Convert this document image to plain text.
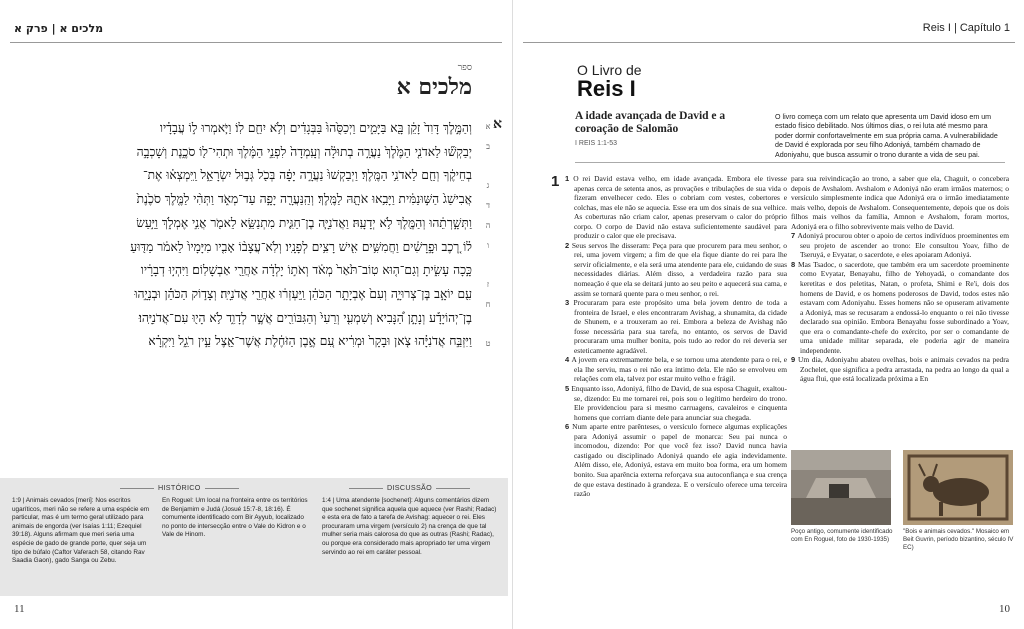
מלכים א | פרק א
ספר
מלכים א
א
וְהַמֶּ֣לֶךְ דָּוִד֙ זָקֵ֔ן בָּ֖א בַּיָּמִ֑ים וַיְכַסֻּ֙הוּ֙ בַּבְּגָדִ֔ים וְלֹ֥א יִחַ֖ם לֽוֹ׃ וַיֹּ֧אמְרוּ ל֣וֹ עֲבָדָ֗יו
יְבַקְשׁ֞וּ לַאדֹנִ֤י הַמֶּ֙לֶךְ֙ נַעֲרָ֣ה בְתוּלָ֔ה וְעָֽמְדָה֙ לִפְנֵ֣י הַמֶּ֔לֶךְ וּתְהִי־ל֖וֹ סֹכֶ֑נֶת וְשָׁכְבָ֣ה
בְחֵיקֶ֔ךָ וְחַ֖ם לַאדֹנִ֥י הַמֶּֽלֶךְ׃ וַיְבַקְשׁוּ֙ נַעֲרָ֣ה יָפָ֔ה בְּכֹ֖ל גְּב֣וּל יִשְׂרָאֵ֑ל וַֽיִּמְצְא֗וּ אֶת־
אֲבִישַׁג֙ הַשּׁ֣וּנַמִּ֔ית וַיָּבִ֥אוּ אֹתָ֖הּ לַמֶּֽלֶךְ׃ וְהַֽנַּעֲרָ֖ה יָפָ֣ה עַד־מְאֹ֑ד וַתְּהִ֨י לַמֶּ֤לֶךְ סֹכֶ֙נֶת֙
וַתְּשָׁ֣רְתֵ֔הוּ וְהַמֶּ֖לֶךְ לֹ֥א יְדָעָֽהּ׃ וַאֲדֹנִיָּ֧ה בֶן־חַגִּ֛ית מִתְנַשֵּׂ֥א לֵאמֹ֖ר אֲנִ֣י אֶמְלֹ֑ךְ וַיַּ֣עַשׂ
ל֗וֹ רֶ֚כֶב וּפָ֣רָשִׁ֔ים וַחֲמִשִּׁ֥ים אִ֖ישׁ רָצִ֥ים לְפָנָֽיו׃ וְלֹֽא־עֲצָב֨וֹ אָבִ֤יו מִיָּמָיו֙ לֵאמֹ֔ר מַדּ֖וּעַ
כָּ֣כָה עָשִׂ֑יתָ וְגַם־ה֤וּא טֽוֹב־תֹּ֙אַר֙ מְאֹ֔ד וְאֹת֣וֹ יָלְדָ֔ה אַחֲרֵ֖י אַבְשָׁלֽוֹם׃ וַיִּהְי֣וּ דְבָרָ֔יו
עִ֖ם יוֹאָ֣ב בֶּן־צְרוּיָ֑ה וְעִם֙ אֶבְיָתָ֣ר הַכֹּהֵ֔ן וַֽיַּעְזְר֔וּ אַחֲרֵ֖י אֲדֹנִיָּֽה׃ וְצָד֣וֹק הַכֹּהֵ֡ן וּבְנָיָ֣הוּ
בֶן־יְהוֹיָדָ֡ע וְנָתָ֣ן הַ֠נָּבִיא וְשִׁמְעִ֤י וְרֵעִי֙ וְהַגִּבּוֹרִ֖ים אֲשֶׁ֣ר לְדָוִ֑ד לֹ֥א הָי֖וּ עִם־אֲדֹנִיָּֽהוּ׃
וַיִּזְבַּ֣ח אֲדֹנִיָּ֗הוּ צֹ֤אן וּבָקָר֙ וּמְרִ֔יא עִ֚ם אֶ֣בֶן הַזֹּחֶ֔לֶת אֲשֶׁר־אֵ֖צֶל עֵ֣ין רֹגֵ֑ל וַיִּקְרָ֗א
א
ב
ג
ד
ה
ו
ז
ח
ט
HISTÓRICO	DISCUSSÃO
1:9 | Animais cevados [meri]: Nos escritos ugaríticos, meri não se refere a uma espécie em particular, mas é um termo geral utilizado para animais de engorda (ver Isaías 1:11; Ezequiel 39:18). Alguns afirmam que meri seria uma espécie de gado de grande porte, quer seja um tipo de búfalo (Caftor Vaferach 58, citando Rav Saadia Gaon), gado Sanga ou Zebu.
En Roguel: Um local na fronteira entre os territórios de Benjamim e Judá (Josué 15:7-8, 18:16). É comumente identificado com Bir Ayyub, localizado no ponto de intersecção entre o Vale do Kidron e o Vale de Hinom.
1:4 | Uma atendente [sochenet]: Alguns comentários dizem que sochenet significa aquela que aquece (ver Rashi; Radac) e esta era de fato a tarefa de Avishag: aquecer o rei. Eles procuraram uma virgem (versículo 2) na crença de que tal mulher seria mais calorosa do que as outras (Rashi; Radac), ou porque era considerado mais apropriado ter uma virgem servindo ao rei em caráter pessoal.
11
Reis I | Capítulo 1
O Livro de
Reis I
A idade avançada de David e a coroação de Salomão
I REIS 1:1-53
O livro começa com um relato que apresenta um David idoso em um estado físico debilitado. Nos últimos dias, o rei luta até mesmo para poder dormir confortavelmente em sua própria cama. A vulnerabilidade de David é explorada por seu filho Adoniyá, também chamado de Adoniyahu, que busca assumir o trono durante a vida de seu pai.
1 1 O rei David estava velho, em idade avançada. Embora ele tivesse apenas cerca de setenta anos, as provações e tribulações de sua vida o fizeram envelhecer cedo. Eles o cobriam com vestes, cobertores e colchas, mas ele não se aquecia. Esse era um dos sinais de sua velhice. As coberturas não criam calor, apenas preservam o calor do próprio corpo. O corpo de David não estava suficientemente saudável para produzir o calor que ele precisava.

2 Seus servos lhe disseram: Peça para que procurem para meu senhor, o rei, uma jovem virgem; a fim de que ela fique diante do rei para lhe servir oficialmente, e ela será uma atendente para ele, cuidando de suas necessidades diárias. Além disso, a verdadeira razão para sua nomeação é que ela se deitará junto ao seu peito e aquecerá sua cama, e assim se tornará quente para o meu senhor, o rei.

3 Procuraram para este propósito uma bela jovem dentro de toda a fronteira de Israel, e eles encontraram Avishag, a shunamita, da cidade de Shunem, e a trouxeram ao rei. Embora a beleza de Avishag não fosse necessária para sua tarefa, no entanto, os servos de David procuraram uma mulher bonita, pois tudo ao redor do rei deveria ser esteticamente agradável.

4 A jovem era extremamente bela, e se tornou uma atendente para o rei, e ela lhe serviu, mas o rei não era íntimo dela. Ele não se envolveu em relações com ela, talvez por estar muito velho e frágil.

5 Enquanto isso, Adoniyá, filho de David, de sua esposa Chaguit, exaltou-se, dizendo: Eu me tornarei rei, pois sou o legítimo herdeiro do trono. Ele providenciou para si mesmo carruagens, cavaleiros e cinquenta homens que corriam diante dele para anunciar sua chegada.

6 Num aparte entre parênteses, o versículo fornece algumas explicações para Adoniyá assumir o papel de monarca: Seu pai nunca o incomodou, dizendo: Por que você fez isso? David nunca havia castigado ou disciplinado Adoniyá quando ele agia indevidamente. Além disso, ele, Adoniyá, estava em muito boa forma, era um homem bonito. Sua aparência externa reforçava sua autoconfiança e sua crença de que estava destinado à grandeza. E o versículo oferece uma terceira razão

para sua reivindicação ao trono, a saber que ela, Chaguit, o concebera depois de Avshalom. Avshalom e Adoniyá não eram irmãos maternos; o versículo simplesmente indica que Adoniyá era o irmão imediatamente mais velho, depois de Avshalom. Consequentemente, depois que os dois filhos mais velhos da família, Amnon e Avshalom, foram mortos, Adoniyá era o filho sobrevivente mais velho de David.

7 Adoniyá procurou obter o apoio de certos indivíduos proeminentes em seu projeto de ascender ao trono: Ele consultou Yoav, filho de Tseruyá, e Evyatar, o sacerdote, e eles apoiaram Adoniyá.

8 Mas Tsadoc, o sacerdote, que também era um sacerdote proeminente como Evyatar, Benayahu, filho de Yehoyadá, o comandante dos keretitas e dos peletitas, Natan, o profeta, Shimi e Re'i, dois dos homens de David, e os homens poderosos de David, todos estes não estavam com Adoniyahu. Esses homens não se opuseram ativamente a Adoniyá, mas se recusaram a endossá-lo enquanto o rei não tivesse declarado sua opinião. Embora Benayahu fosse subordinado a Yoav, que era o comandante-chefe do exército, por ser o comandante de uma unidade militar separada, ele poderia agir de maneira independente.

9 Um dia, Adoniyahu abateu ovelhas, bois e animais cevados na pedra Zochelet, que significa a pedra arrastada, na pedra ao longo da qual a água flui, que está localizada próxima a En

Poço antigo, comumente identificado com En Roguel, foto de 1930-1935)
"Bois e animais cevados." Mosaico em Beit Guvrin, período bizantino, século IV EC)
10
